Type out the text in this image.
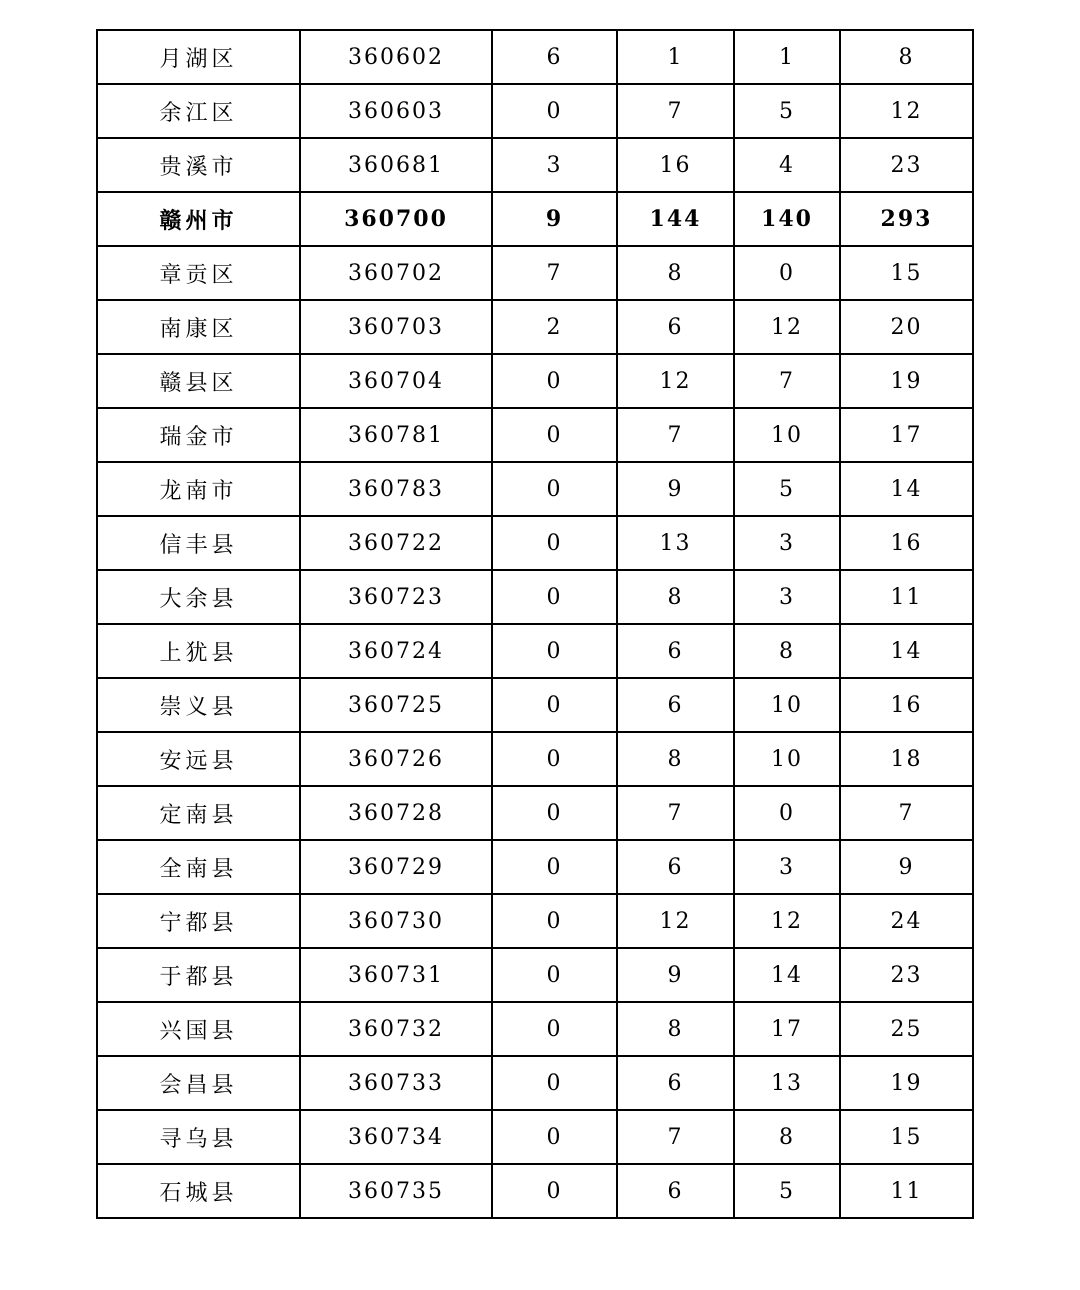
月湖区	360602	6	1	1	8
余江区	360603	0	7	5	12
贵溪市	360681	3	16	4	23
赣州市	360700	9	144	140	293
章贡区	360702	7	8	0	15
南康区	360703	2	6	12	20
赣县区	360704	0	12	7	19
瑞金市	360781	0	7	10	17
龙南市	360783	0	9	5	14
信丰县	360722	0	13	3	16
大余县	360723	0	8	3	11
上犹县	360724	0	6	8	14
崇义县	360725	0	6	10	16
安远县	360726	0	8	10	18
定南县	360728	0	7	0	7
全南县	360729	0	6	3	9
宁都县	360730	0	12	12	24
于都县	360731	0	9	14	23
兴国县	360732	0	8	17	25
会昌县	360733	0	6	13	19
寻乌县	360734	0	7	8	15
石城县	360735	0	6	5	11
